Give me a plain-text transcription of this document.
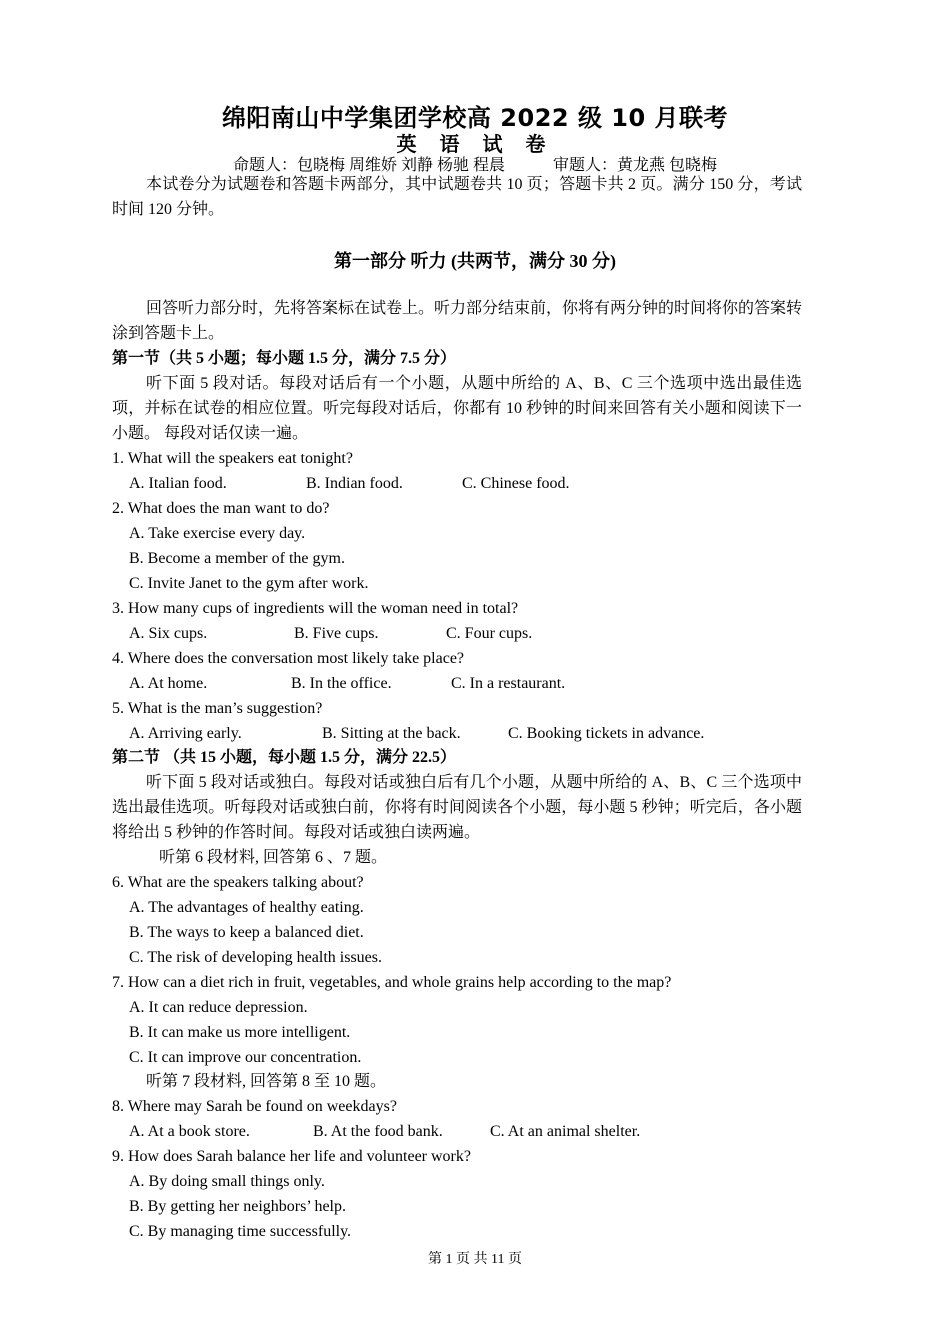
绵阳南山中学集团学校高 2022 级 10 月联考
英 语 试 卷
命题人：包晓梅 周维娇 刘静 杨驰 程晨	审题人：黄龙燕 包晓梅

本试卷分为试题卷和答题卡两部分，其中试题卷共 10 页；答题卡共 2 页。满分 150 分，考试时间 120 分钟。

第一部分 听力 (共两节，满分 30 分)

回答听力部分时，先将答案标在试卷上。听力部分结束前，你将有两分钟的时间将你的答案转涂到答题卡上。

第一节（共 5 小题；每小题 1.5 分，满分 7.5 分）

听下面 5 段对话。每段对话后有一个小题，从题中所给的 A、B、C 三个选项中选出最佳选项，并标在试卷的相应位置。听完每段对话后，你都有 10 秒钟的时间来回答有关小题和阅读下一小题。 每段对话仅读一遍。

1. What will the speakers eat tonight?
A. Italian food.	B. Indian food.	C. Chinese food.
2. What does the man want to do?
A. Take exercise every day.
B. Become a member of the gym.
C. Invite Janet to the gym after work.
3. How many cups of ingredients will the woman need in total?
A. Six cups.	B. Five cups.	C. Four cups.
4. Where does the conversation most likely take place?
A. At home.	B. In the office.	C. In a restaurant.
5. What is the man’s suggestion?
A. Arriving early.	B. Sitting at the back.	C. Booking tickets in advance.
第二节 （共 15 小题，每小题 1.5 分，满分 22.5）

听下面 5 段对话或独白。每段对话或独白后有几个小题，从题中所给的 A、B、C 三个选项中选出最佳选项。听每段对话或独白前，你将有时间阅读各个小题，每小题 5 秒钟；听完后，各小题将给出 5 秒钟的作答时间。每段对话或独白读两遍。

听第 6 段材料, 回答第 6 、7 题。
6. What are the speakers talking about?
A. The advantages of healthy eating.
B. The ways to keep a balanced diet.
C. The risk of developing health issues.
7. How can a diet rich in fruit, vegetables, and whole grains help according to the map?
A. It can reduce depression.
B. It can make us more intelligent.
C. It can improve our concentration.
听第 7 段材料, 回答第 8 至 10 题。
8. Where may Sarah be found on weekdays?
A. At a book store.	B. At the food bank.	C. At an animal shelter.
9. How does Sarah balance her life and volunteer work?
A. By doing small things only.
B. By getting her neighbors’ help.
C. By managing time successfully.
第 1 页 共 11 页
